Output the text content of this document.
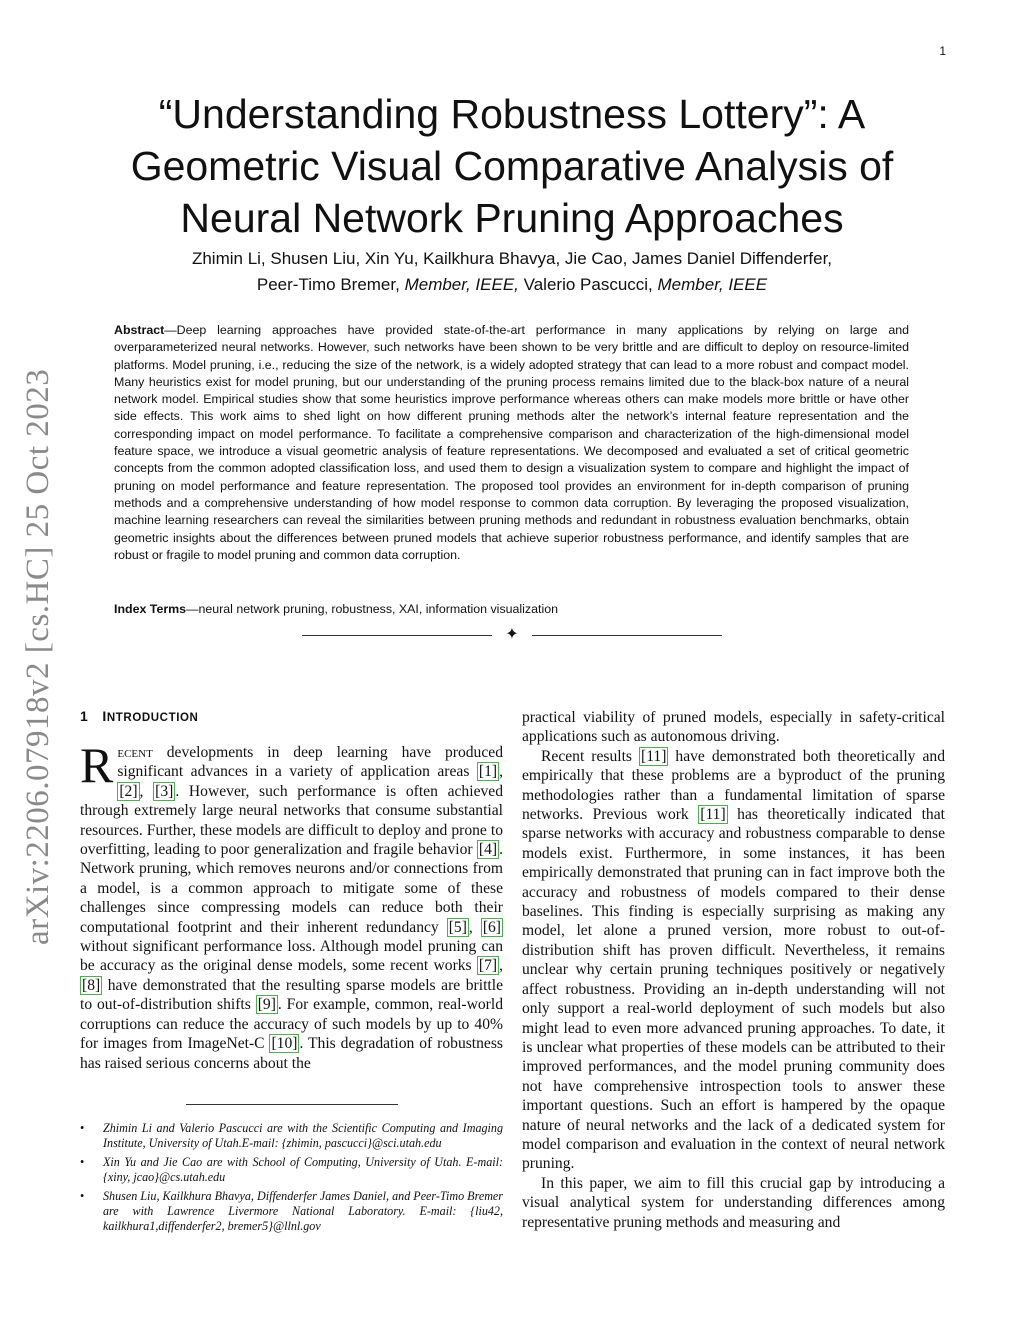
1
arXiv:2206.07918v2 [cs.HC] 25 Oct 2023
“Understanding Robustness Lottery”: A
Geometric Visual Comparative Analysis of
Neural Network Pruning Approaches
Zhimin Li, Shusen Liu, Xin Yu, Kailkhura Bhavya, Jie Cao, James Daniel Diffenderfer,
Peer-Timo Bremer, Member, IEEE, Valerio Pascucci, Member, IEEE
Abstract—Deep learning approaches have provided state-of-the-art performance in many applications by relying on large and overparameterized neural networks. However, such networks have been shown to be very brittle and are difficult to deploy on resource-limited platforms. Model pruning, i.e., reducing the size of the network, is a widely adopted strategy that can lead to a more robust and compact model. Many heuristics exist for model pruning, but our understanding of the pruning process remains limited due to the black-box nature of a neural network model. Empirical studies show that some heuristics improve performance whereas others can make models more brittle or have other side effects. This work aims to shed light on how different pruning methods alter the network’s internal feature representation and the corresponding impact on model performance. To facilitate a comprehensive comparison and characterization of the high-dimensional model feature space, we introduce a visual geometric analysis of feature representations. We decomposed and evaluated a set of critical geometric concepts from the common adopted classification loss, and used them to design a visualization system to compare and highlight the impact of pruning on model performance and feature representation. The proposed tool provides an environment for in-depth comparison of pruning methods and a comprehensive understanding of how model response to common data corruption. By leveraging the proposed visualization, machine learning researchers can reveal the similarities between pruning methods and redundant in robustness evaluation benchmarks, obtain geometric insights about the differences between pruned models that achieve superior robustness performance, and identify samples that are robust or fragile to model pruning and common data corruption.
Index Terms—neural network pruning, robustness, XAI, information visualization
✦
1 INTRODUCTION

Recent developments in deep learning have produced significant advances in a variety of application areas [1] , [2] , [3] . However, such performance is often achieved through extremely large neural networks that consume substantial resources. Further, these models are difficult to deploy and prone to overfitting, leading to poor generalization and fragile behavior [4] . Network pruning, which removes neurons and/or connections from a model, is a common approach to mitigate some of these challenges since compressing models can reduce both their computational footprint and their inherent redundancy [5] , [6] without significant performance loss. Although model pruning can be accuracy as the original dense models, some recent works [7] , [8] have demonstrated that the resulting sparse models are brittle to out-of-distribution shifts [9] . For example, common, real-world corruptions can reduce the accuracy of such models by up to 40% for images from ImageNet-C [10] . This degradation of robustness has raised serious concerns about the

• Zhimin Li and Valerio Pascucci are with the Scientific Computing and Imaging Institute, University of Utah.E-mail: {zhimin, pascucci}@sci.utah.edu
• Xin Yu and Jie Cao are with School of Computing, University of Utah. E-mail: {xiny, jcao}@cs.utah.edu
• Shusen Liu, Kailkhura Bhavya, Diffenderfer James Daniel, and Peer-Timo Bremer are with Lawrence Livermore National Laboratory. E-mail: {liu42, kailkhura1,diffenderfer2, bremer5}@llnl.gov

practical viability of pruned models, especially in safety-critical applications such as autonomous driving.

Recent results [11] have demonstrated both theoretically and empirically that these problems are a byproduct of the pruning methodologies rather than a fundamental limitation of sparse networks. Previous work [11] has theoretically indicated that sparse networks with accuracy and robustness comparable to dense models exist. Furthermore, in some instances, it has been empirically demonstrated that pruning can in fact improve both the accuracy and robustness of models compared to their dense baselines. This finding is especially surprising as making any model, let alone a pruned version, more robust to out-of-distribution shift has proven difficult. Nevertheless, it remains unclear why certain pruning techniques positively or negatively affect robustness. Providing an in-depth understanding will not only support a real-world deployment of such models but also might lead to even more advanced pruning approaches. To date, it is unclear what properties of these models can be attributed to their improved performances, and the model pruning community does not have comprehensive introspection tools to answer these important questions. Such an effort is hampered by the opaque nature of neural networks and the lack of a dedicated system for model comparison and evaluation in the context of neural network pruning.

In this paper, we aim to fill this crucial gap by introducing a visual analytical system for understanding differences among representative pruning methods and measuring and
